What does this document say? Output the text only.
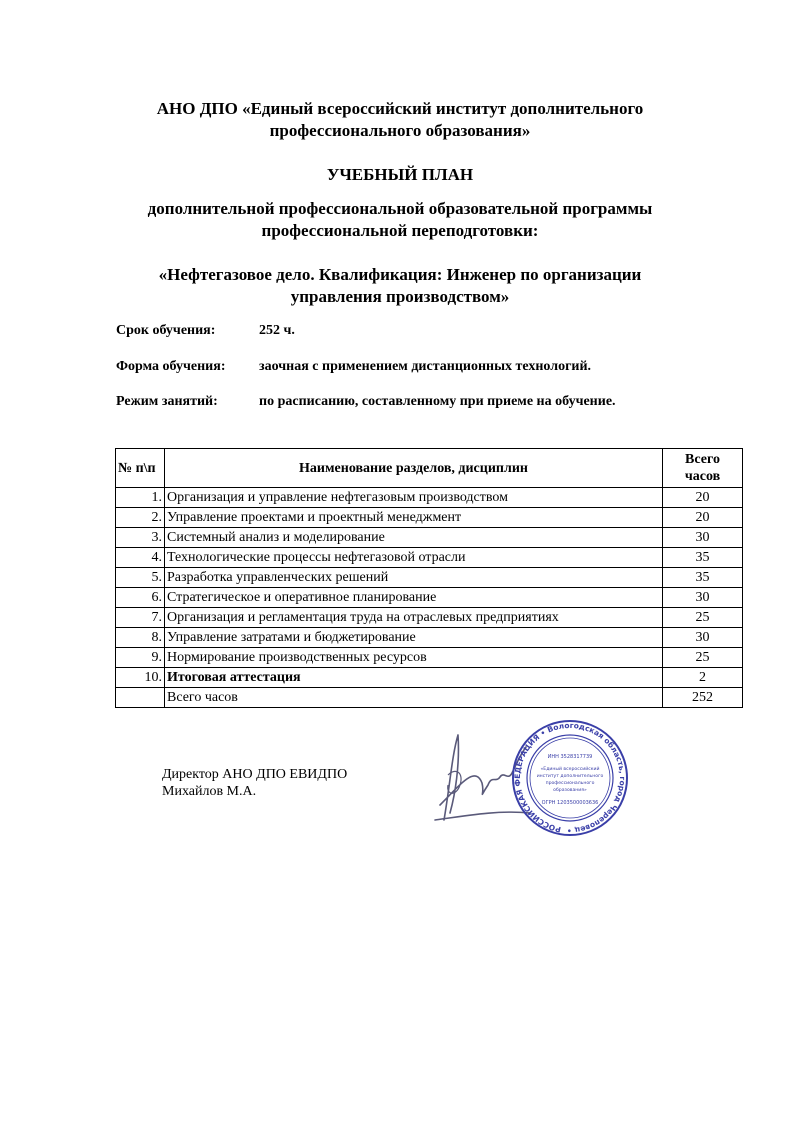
АНО ДПО «Единый всероссийский институт дополнительного
профессионального образования»
УЧЕБНЫЙ ПЛАН
дополнительной профессиональной образовательной программы
профессиональной переподготовки:
«Нефтегазовое дело. Квалификация: Инженер по организации
управления производством»
Срок обучения:	252 ч.
Форма обучения: заочная с применением дистанционных технологий.
Режим занятий:	по расписанию, составленному при приеме на обучение.
№ п\п	Наименование разделов, дисциплин	Всего
часов

1.	Организация и управление нефтегазовым производством	20
2.	Управление проектами и проектный менеджмент	20
3.	Системный анализ и моделирование	30
4.	Технологические процессы нефтегазовой отрасли	35
5.	Разработка управленческих решений	35
6.	Стратегическое и оперативное планирование	30
7.	Организация и регламентация труда на отраслевых предприятиях	25
8.	Управление затратами и бюджетирование	30
9.	Нормирование производственных ресурсов	25
10.	Итоговая аттестация	2
	Всего часов	252
Директор АНО ДПО ЕВИДПО
Михайлов М.А.
РОССИЙСКАЯ ФЕДЕРАЦИЯ • Вологодская область, город Череповец •
ИНН 3528317739
«Единый всероссийский
институт дополнительного
профессионального
образования»
ОГРН 1203500003636
